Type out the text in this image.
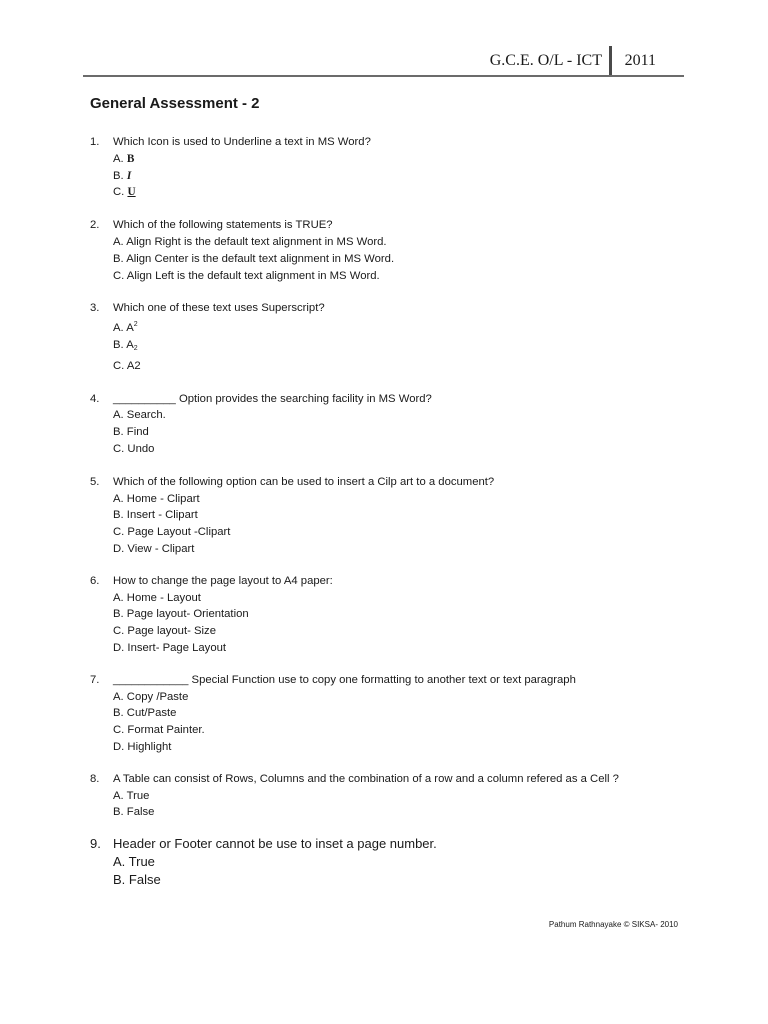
G.C.E. O/L - ICT 2011
General Assessment - 2
1. Which Icon is used to Underline a text in MS Word?
A. B
B. I
C. U
2. Which of the following statements is TRUE?
A. Align Right is the default text alignment in MS Word.
B. Align Center is the default text alignment in MS Word.
C. Align Left is the default text alignment in MS Word.
3. Which one of these text uses Superscript?
A. $A^2$
B. $A_2$
C. A2
4. __________ Option provides the searching facility in MS Word?
A. Search.
B. Find
C. Undo
5. Which of the following option can be used to insert a Cilp art to a document?
A. Home - Clipart
B. Insert - Clipart
C. Page Layout -Clipart
D. View - Clipart
6. How to change the page layout to A4 paper:
A. Home - Layout
B. Page layout- Orientation
C. Page layout- Size
D. Insert- Page Layout
7. ____________ Special Function use to copy one formatting to another text or text paragraph
A. Copy /Paste
B. Cut/Paste
C. Format Painter.
D. Highlight
8. A Table can consist of Rows, Columns and the combination of a row and a column refered as a Cell ?
A. True
B. False
9. Header or Footer cannot be use to inset a page number.
A. True
B. False
Pathum Rathnayake © SIKSA- 2010
